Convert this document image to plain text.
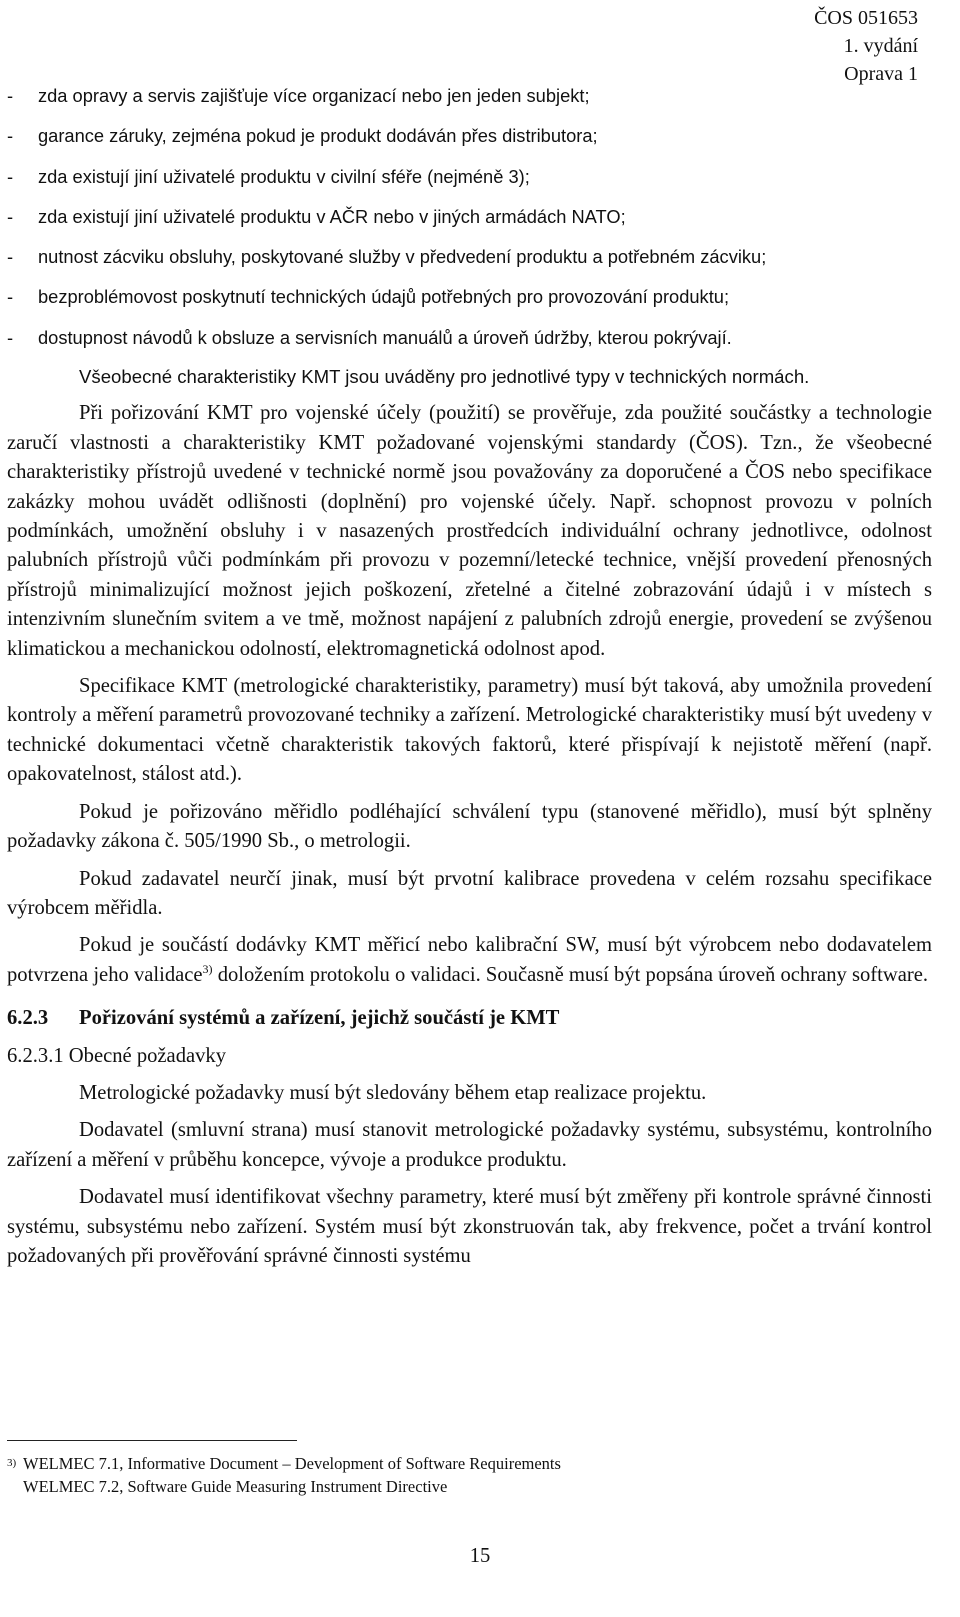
ČOS 051653
1. vydání
Oprava 1
- zda opravy a servis zajišťuje více organizací nebo jen jeden subjekt;
- garance záruky, zejména pokud je produkt dodáván přes distributora;
- zda existují jiní uživatelé produktu v civilní sféře (nejméně 3);
- zda existují jiní uživatelé produktu v AČR nebo v jiných armádách NATO;
- nutnost zácviku obsluhy, poskytované služby v předvedení produktu a potřebném zácviku;
- bezproblémovost poskytnutí technických údajů potřebných pro provozování produktu;
- dostupnost návodů k obsluze a servisních manuálů a úroveň údržby, kterou pokrývají.

Všeobecné charakteristiky KMT jsou uváděny pro jednotlivé typy v technických normách.

Při pořizování KMT pro vojenské účely (použití) se prověřuje, zda použité součástky a technologie zaručí vlastnosti a charakteristiky KMT požadované vojenskými standardy (ČOS). Tzn., že všeobecné charakteristiky přístrojů uvedené v technické normě jsou považovány za doporučené a ČOS nebo specifikace zakázky mohou uvádět odlišnosti (doplnění) pro vojenské účely. Např. schopnost provozu v polních podmínkách, umožnění obsluhy i v nasazených prostředcích individuální ochrany jednotlivce, odolnost palubních přístrojů vůči podmínkám při provozu v pozemní/letecké technice, vnější provedení přenosných přístrojů minimalizující možnost jejich poškození, zřetelné a čitelné zobrazování údajů i v místech s intenzivním slunečním svitem a ve tmě, možnost napájení z palubních zdrojů energie, provedení se zvýšenou klimatickou a mechanickou odolností, elektromagnetická odolnost apod.

Specifikace KMT (metrologické charakteristiky, parametry) musí být taková, aby umožnila provedení kontroly a měření parametrů provozované techniky a zařízení. Metrologické charakteristiky musí být uvedeny v technické dokumentaci včetně charakteristik takových faktorů, které přispívají k nejistotě měření (např. opakovatelnost, stálost atd.).

Pokud je pořizováno měřidlo podléhající schválení typu (stanovené měřidlo), musí být splněny požadavky zákona č. 505/1990 Sb., o metrologii.

Pokud zadavatel neurčí jinak, musí být prvotní kalibrace provedena v celém rozsahu specifikace výrobcem měřidla.

Pokud je součástí dodávky KMT měřicí nebo kalibrační SW, musí být výrobcem nebo dodavatelem potvrzena jeho validace$^{3)}$ doložením protokolu o validaci. Současně musí být popsána úroveň ochrany software.

6.2.3 Pořizování systémů a zařízení, jejichž součástí je KMT
6.2.3.1 Obecné požadavky

Metrologické požadavky musí být sledovány během etap realizace projektu.

Dodavatel (smluvní strana) musí stanovit metrologické požadavky systému, subsystému, kontrolního zařízení a měření v průběhu koncepce, vývoje a produkce produktu.

Dodavatel musí identifikovat všechny parametry, které musí být změřeny při kontrole správné činnosti systému, subsystému nebo zařízení. Systém musí být zkonstruován tak, aby frekvence, počet a trvání kontrol požadovaných při prověřování správné činnosti systému

3) WELMEC 7.1, Informative Document – Development of Software Requirements
WELMEC 7.2, Software Guide Measuring Instrument Directive
15
